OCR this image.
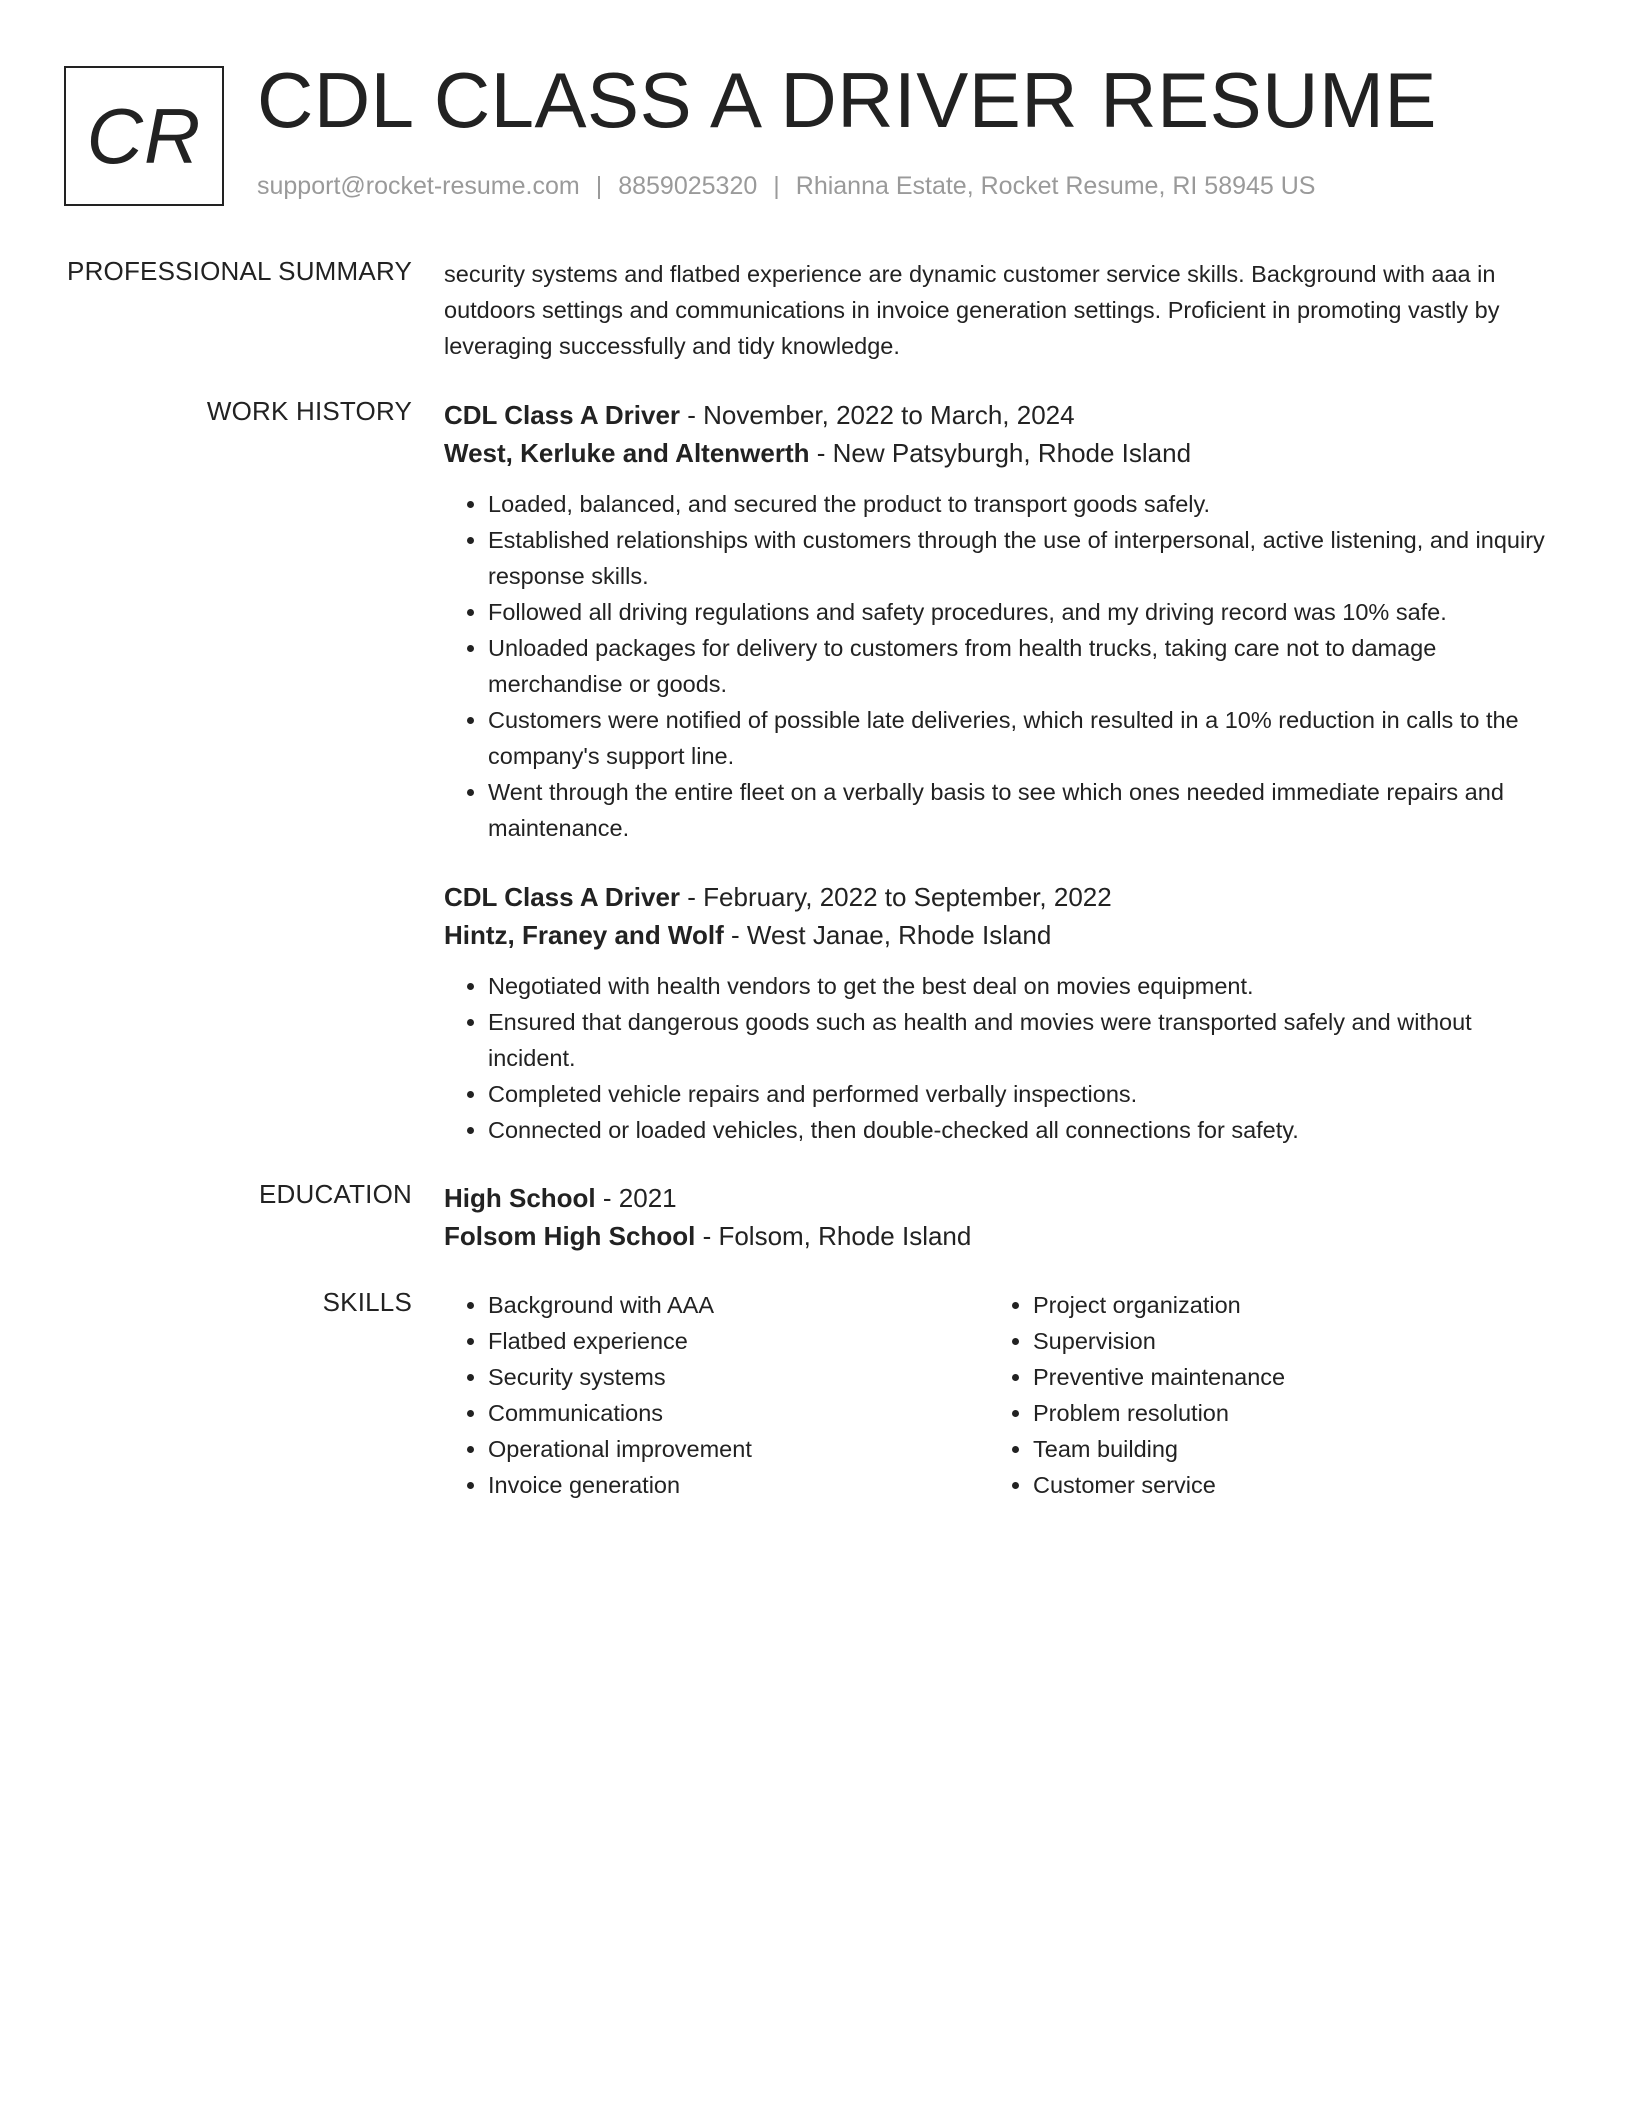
CR CDL CLASS A DRIVER RESUME
support@rocket-resume.com | 8859025320 | Rhianna Estate, Rocket Resume, RI 58945 US
PROFESSIONAL SUMMARY security systems and flatbed experience are dynamic customer service skills. Background with aaa in outdoors settings and communications in invoice generation settings. Proficient in promoting vastly by leveraging successfully and tidy knowledge.

WORK HISTORY CDL Class A Driver - November, 2022 to March, 2024
West, Kerluke and Altenwerth - New Patsyburgh, Rhode Island
• Loaded, balanced, and secured the product to transport goods safely.
• Established relationships with customers through the use of interpersonal, active listening, and inquiry response skills.
• Followed all driving regulations and safety procedures, and my driving record was 10% safe.
• Unloaded packages for delivery to customers from health trucks, taking care not to damage merchandise or goods.
• Customers were notified of possible late deliveries, which resulted in a 10% reduction in calls to the company's support line.
• Went through the entire fleet on a verbally basis to see which ones needed immediate repairs and maintenance.
CDL Class A Driver - February, 2022 to September, 2022
Hintz, Franey and Wolf - West Janae, Rhode Island
• Negotiated with health vendors to get the best deal on movies equipment.
• Ensured that dangerous goods such as health and movies were transported safely and without incident.
• Completed vehicle repairs and performed verbally inspections.
• Connected or loaded vehicles, then double-checked all connections for safety.
EDUCATION High School - 2021
Folsom High School - Folsom, Rhode Island
SKILLS
•	Background with AAA
• Flatbed experience
• Security systems
• Communications
• Operational improvement
• Invoice generation
• Project organization
• Supervision
• Preventive maintenance
• Problem resolution
• Team building
• Customer service
